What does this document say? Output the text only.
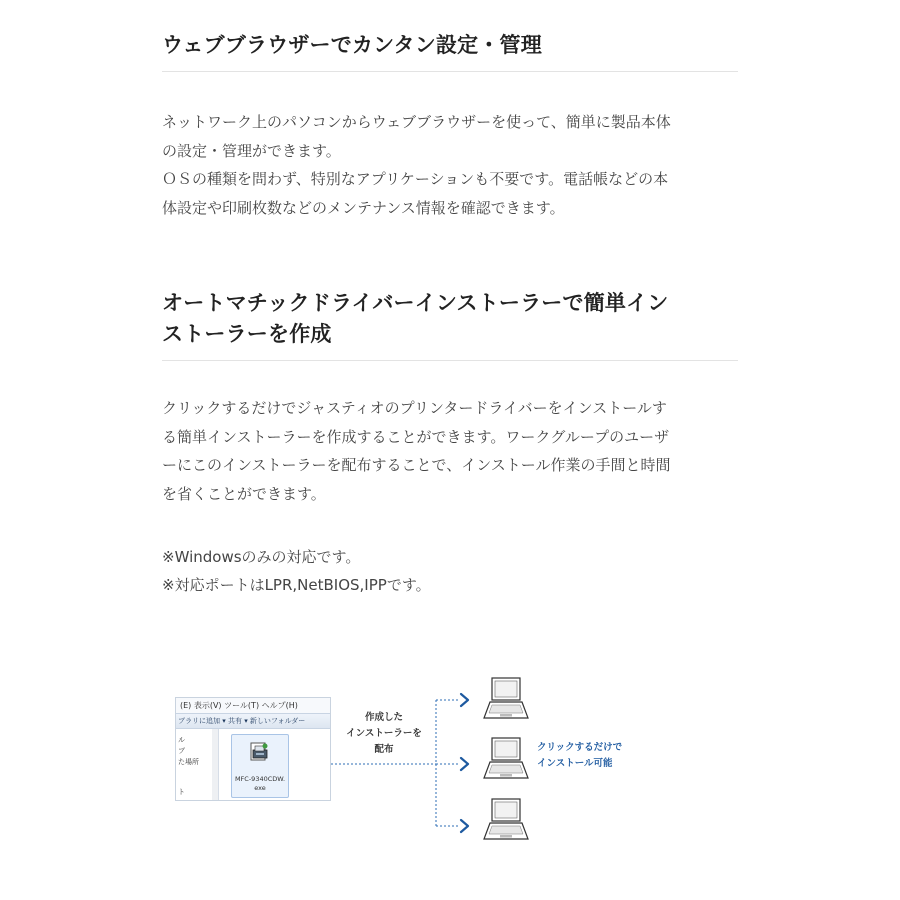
ウェブブラウザーでカンタン設定・管理

ネットワーク上のパソコンからウェブブラウザーを使って、簡単に製品本体

の設定・管理ができます。

ＯＳの種類を問わず、特別なアプリケーションも不要です。電話帳などの本

体設定や印刷枚数などのメンテナンス情報を確認できます。

オートマチックドライバーインストーラーで簡単イン
ストーラーを作成

クリックするだけでジャスティオのプリンタードライバーをインストールす

る簡単インストーラーを作成することができます。ワークグループのユーザ

ーにこのインストーラーを配布することで、インストール作業の手間と時間

を省くことができます。

※Windowsのみの対応です。

※対応ポートはLPR,NetBIOS,IPPです。

(E) 表示(V) ツール(T) ヘルプ(H)
ブラリに追加 ▾ 共有 ▾ 新しいフォルダー
ル
ブ
た場所
ト
MFC-9340CDW.
exe
作成した
インストーラーを
配布	クリックするだけで
インストール可能
